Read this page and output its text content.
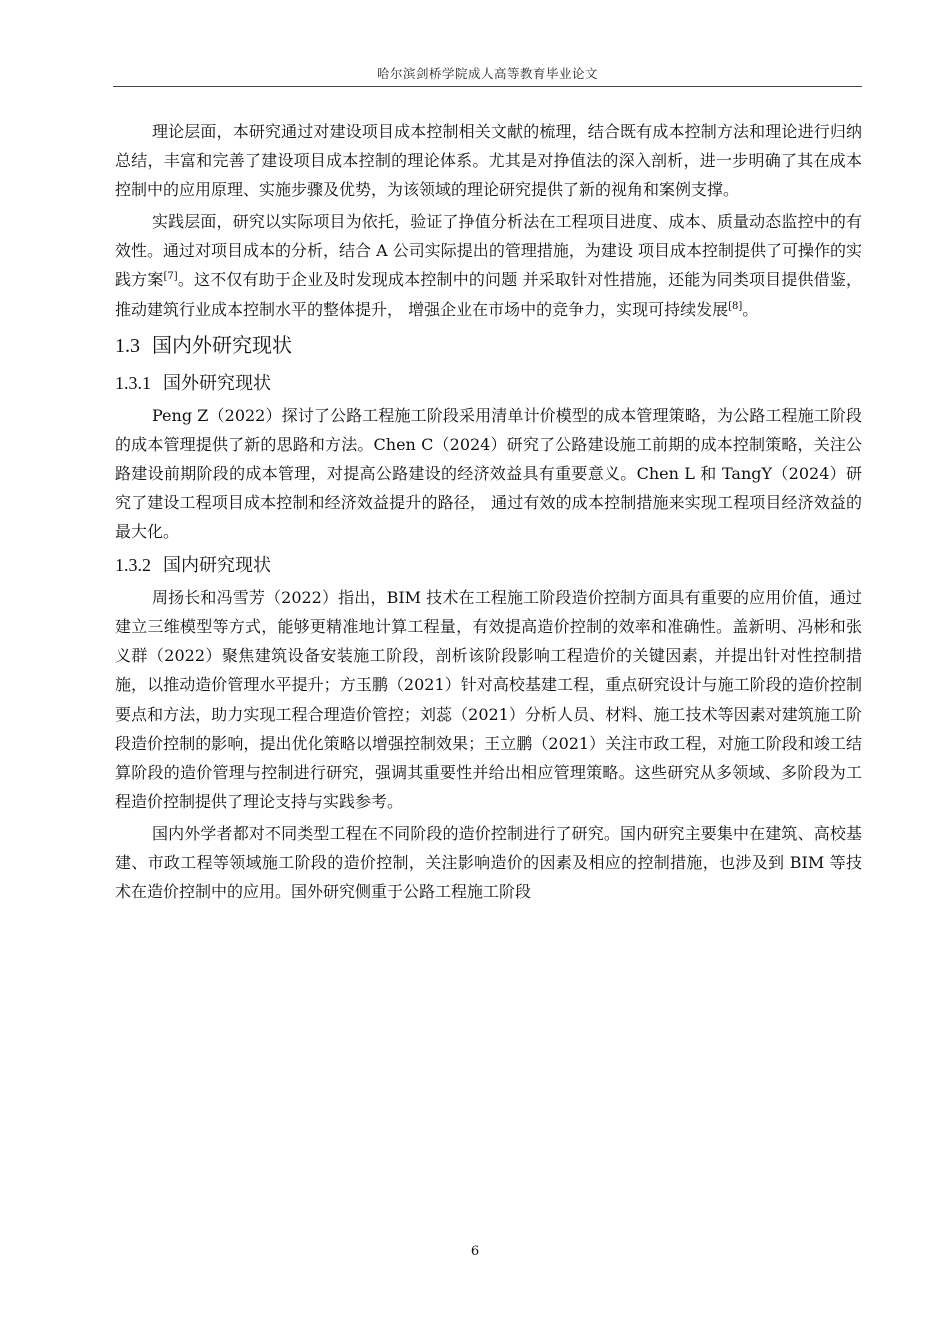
哈尔滨剑桥学院成人高等教育毕业论文

理论层面，本研究通过对建设项目成本控制相关文献的梳理，结合既有成本控制方法和理论进行归纳总结，丰富和完善了建设项目成本控制的理论体系。尤其是对挣值法的深入剖析，进一步明确了其在成本控制中的应用原理、实施步骤及优势，为该领域的理论研究提供了新的视角和案例支撑。

实践层面，研究以实际项目为依托，验证了挣值分析法在工程项目进度、成本、质量动态监控中的有效性。通过对项目成本的分析，结合 A 公司实际提出的管理措施，为建设 项目成本控制提供了可操作的实践方案[7]。这不仅有助于企业及时发现成本控制中的问题 并采取针对性措施，还能为同类项目提供借鉴，推动建筑行业成本控制水平的整体提升， 增强企业在市场中的竞争力，实现可持续发展[8]。

1.3 国内外研究现状
1.3.1 国外研究现状

Peng Z（2022）探讨了公路工程施工阶段采用清单计价模型的成本管理策略，为公路工程施工阶段的成本管理提供了新的思路和方法。Chen C（2024）研究了公路建设施工前期的成本控制策略，关注公路建设前期阶段的成本管理，对提高公路建设的经济效益具有重要意义。Chen L 和 TangY（2024）研究了建设工程项目成本控制和经济效益提升的路径， 通过有效的成本控制措施来实现工程项目经济效益的最大化。

1.3.2 国内研究现状

周扬长和冯雪芳（2022）指出，BIM 技术在工程施工阶段造价控制方面具有重要的应用价值，通过建立三维模型等方式，能够更精准地计算工程量，有效提高造价控制的效率和准确性。盖新明、冯彬和张义群（2022）聚焦建筑设备安装施工阶段，剖析该阶段影响工程造价的关键因素，并提出针对性控制措施，以推动造价管理水平提升；方玉鹏（2021）针对高校基建工程，重点研究设计与施工阶段的造价控制要点和方法，助力实现工程合理造价管控；刘蕊（2021）分析人员、材料、施工技术等因素对建筑施工阶段造价控制的影响，提出优化策略以增强控制效果；王立鹏（2021）关注市政工程，对施工阶段和竣工结算阶段的造价管理与控制进行研究，强调其重要性并给出相应管理策略。这些研究从多领域、多阶段为工程造价控制提供了理论支持与实践参考。

国内外学者都对不同类型工程在不同阶段的造价控制进行了研究。国内研究主要集中在建筑、高校基建、市政工程等领域施工阶段的造价控制，关注影响造价的因素及相应的控制措施，也涉及到 BIM 等技术在造价控制中的应用。国外研究侧重于公路工程施工阶段

6
